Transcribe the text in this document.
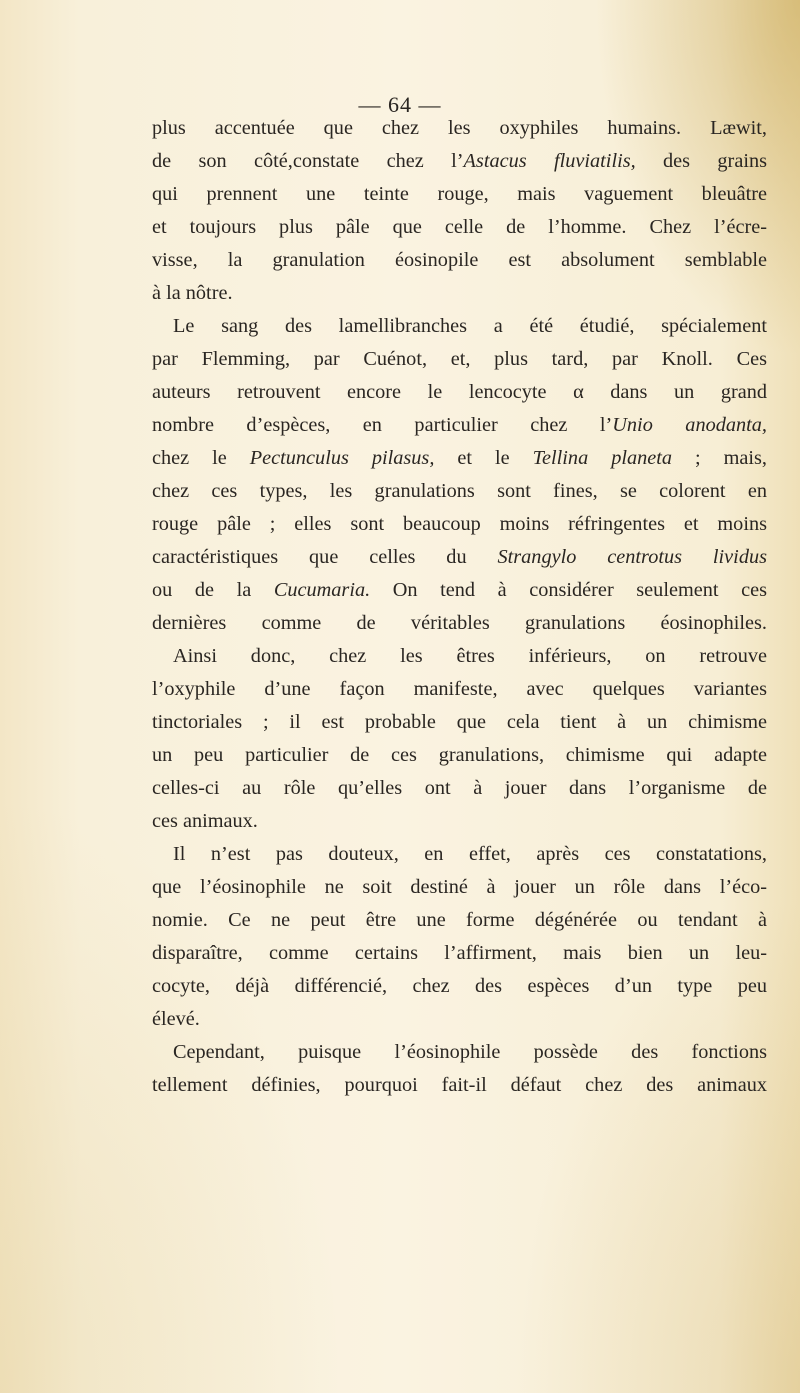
— 64 —
plus accentuée que chez les oxyphiles humains. Læwit,
de son côté,constate chez l’Astacus fluviatilis, des grains
qui prennent une teinte rouge, mais vaguement bleuâtre
et toujours plus pâle que celle de l’homme. Chez l’écre-
visse, la granulation éosinopile est absolument semblable
à la nôtre.
Le sang des lamellibranches a été étudié, spécialement
par Flemming, par Cuénot, et, plus tard, par Knoll. Ces
auteurs retrouvent encore le lencocyte α dans un grand
nombre d’espèces, en particulier chez l’Unio anodanta,
chez le Pectunculus pilasus, et le Tellina planeta ; mais,
chez ces types, les granulations sont fines, se colorent en
rouge pâle ; elles sont beaucoup moins réfringentes et moins
caractéristiques que celles du Strangylo centrotus lividus
ou de la Cucumaria. On tend à considérer seulement ces
dernières comme de véritables granulations éosinophiles.
Ainsi donc, chez les êtres inférieurs, on retrouve
l’oxyphile d’une façon manifeste, avec quelques variantes
tinctoriales ; il est probable que cela tient à un chimisme
un peu particulier de ces granulations, chimisme qui adapte
celles-ci au rôle qu’elles ont à jouer dans l’organisme de
ces animaux.
Il n’est pas douteux, en effet, après ces constatations,
que l’éosinophile ne soit destiné à jouer un rôle dans l’éco-
nomie. Ce ne peut être une forme dégénérée ou tendant à
disparaître, comme certains l’affirment, mais bien un leu-
cocyte, déjà différencié, chez des espèces d’un type peu
élevé.
Cependant, puisque l’éosinophile possède des fonctions
tellement définies, pourquoi fait-il défaut chez des animaux
